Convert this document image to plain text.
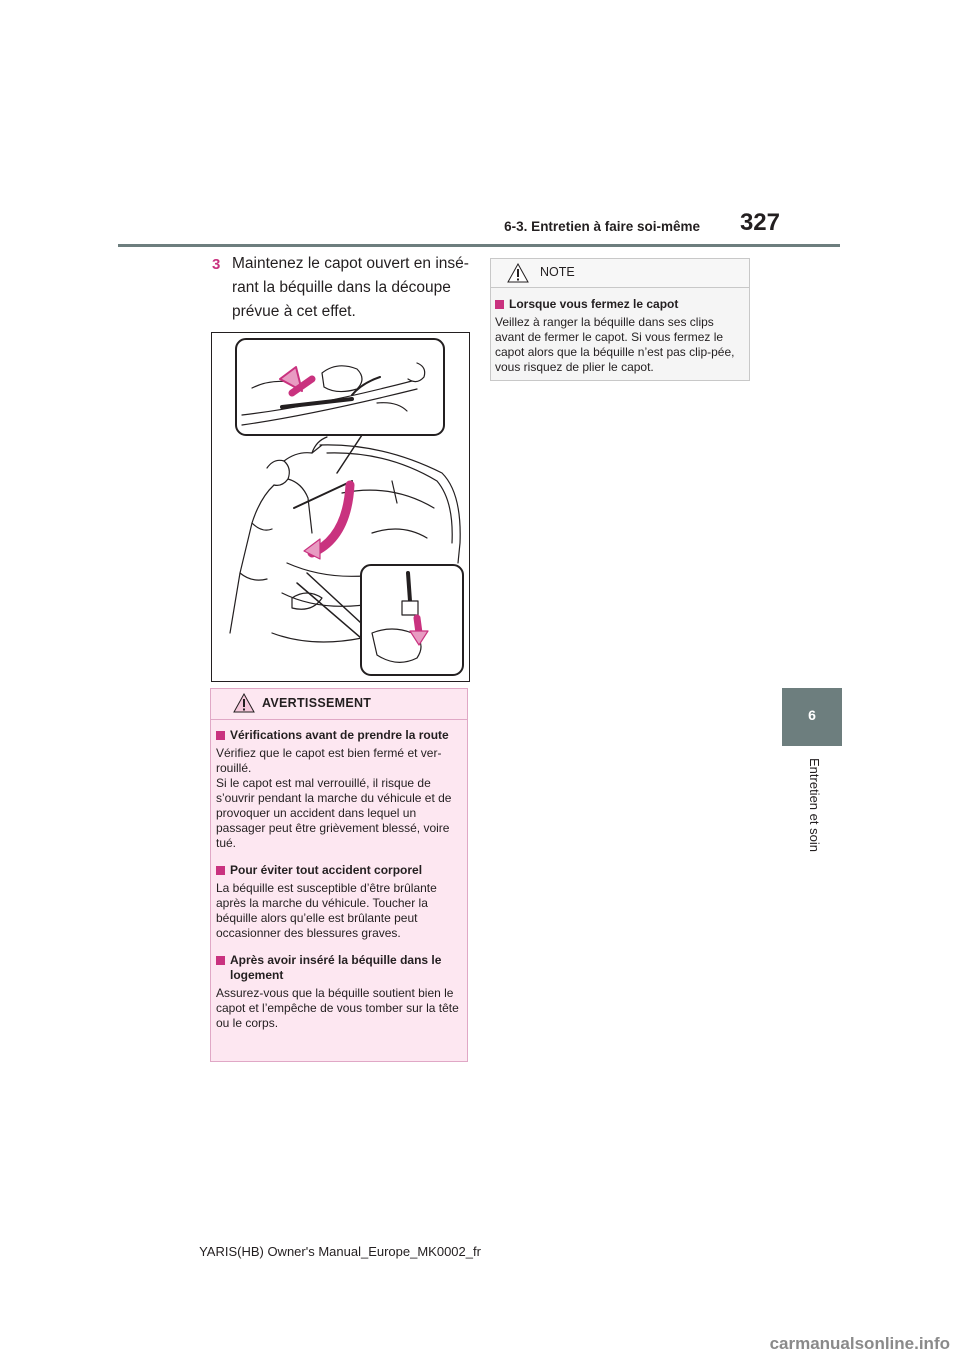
6-3. Entretien à faire soi-même	327
6
Entretien et soin
3 Maintenez le capot ouvert en insé-rant la béquille dans la découpe prévue à cet effet.
AVERTISSEMENT
Vérifications avant de prendre la route
Vérifiez que le capot est bien fermé et ver-rouillé.
Si le capot est mal verrouillé, il risque de s’ouvrir pendant la marche du véhicule et de provoquer un accident dans lequel un passager peut être grièvement blessé, voire tué.
Pour éviter tout accident corporel
La béquille est susceptible d’être brûlante après la marche du véhicule. Toucher la béquille alors qu’elle est brûlante peut occasionner des blessures graves.
Après avoir inséré la béquille dans le logement
Assurez-vous que la béquille soutient bien le capot et l’empêche de vous tomber sur la tête ou le corps.
NOTE
Lorsque vous fermez le capot
Veillez à ranger la béquille dans ses clips avant de fermer le capot. Si vous fermez le capot alors que la béquille n’est pas clip-pée, vous risquez de plier le capot.
YARIS(HB) Owner's Manual_Europe_MK0002_fr
carmanualsonline.info
